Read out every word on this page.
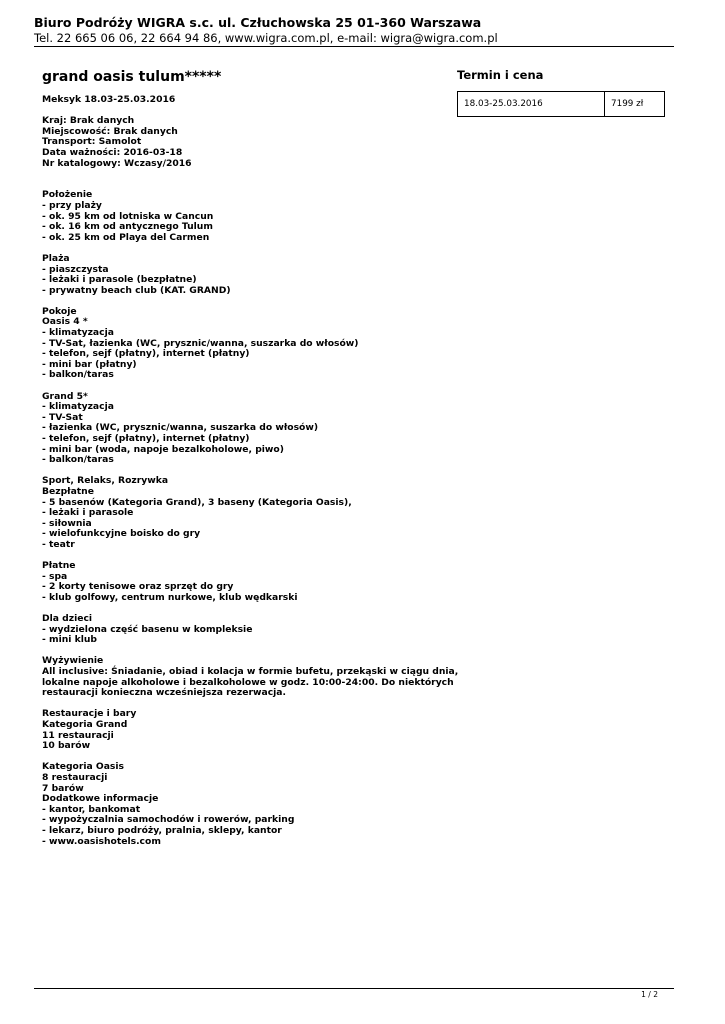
Biuro Podróży WIGRA s.c. ul. Człuchowska 25 01-360 Warszawa
Tel. 22 665 06 06, 22 664 94 86, www.wigra.com.pl, e-mail: wigra@wigra.com.pl
grand oasis tulum*****
Meksyk 18.03-25.03.2016
Kraj: Brak danych
Miejscowość: Brak danych
Transport: Samolot
Data ważności: 2016-03-18
Nr katalogowy: Wczasy/2016
Położenie
- przy plaży
- ok. 95 km od lotniska w Cancun
- ok. 16 km od antycznego Tulum
- ok. 25 km od Playa del Carmen
Plaża
- piaszczysta
- leżaki i parasole (bezpłatne)
- prywatny beach club (KAT. GRAND)
Pokoje
Oasis 4 *
- klimatyzacja
- TV-Sat, łazienka (WC, prysznic/wanna, suszarka do włosów)
- telefon, sejf (płatny), internet (płatny)
- mini bar (płatny)
- balkon/taras
Grand 5*
- klimatyzacja
- TV-Sat
- łazienka (WC, prysznic/wanna, suszarka do włosów)
- telefon, sejf (płatny), internet (płatny)
- mini bar (woda, napoje bezalkoholowe, piwo)
- balkon/taras
Sport, Relaks, Rozrywka
Bezpłatne
- 5 basenów (Kategoria Grand), 3 baseny (Kategoria Oasis),
- leżaki i parasole
- siłownia
- wielofunkcyjne boisko do gry
- teatr
Płatne
- spa
- 2 korty tenisowe oraz sprzęt do gry
- klub golfowy, centrum nurkowe, klub wędkarski
Dla dzieci
- wydzielona część basenu w kompleksie
- mini klub
Wyżywienie
All inclusive: Śniadanie, obiad i kolacja w formie bufetu, przekąski w ciągu dnia,
lokalne napoje alkoholowe i bezalkoholowe w godz. 10:00-24:00. Do niektórych
restauracji konieczna wcześniejsza rezerwacja.
Restauracje i bary
Kategoria Grand
11 restauracji
10 barów
Kategoria Oasis
8 restauracji
7 barów
Dodatkowe informacje
- kantor, bankomat
- wypożyczalnia samochodów i rowerów, parking
- lekarz, biuro podróży, pralnia, sklepy, kantor
- www.oasishotels.com
Termin i cena
18.03-25.03.2016	7199 zł
1 / 2
